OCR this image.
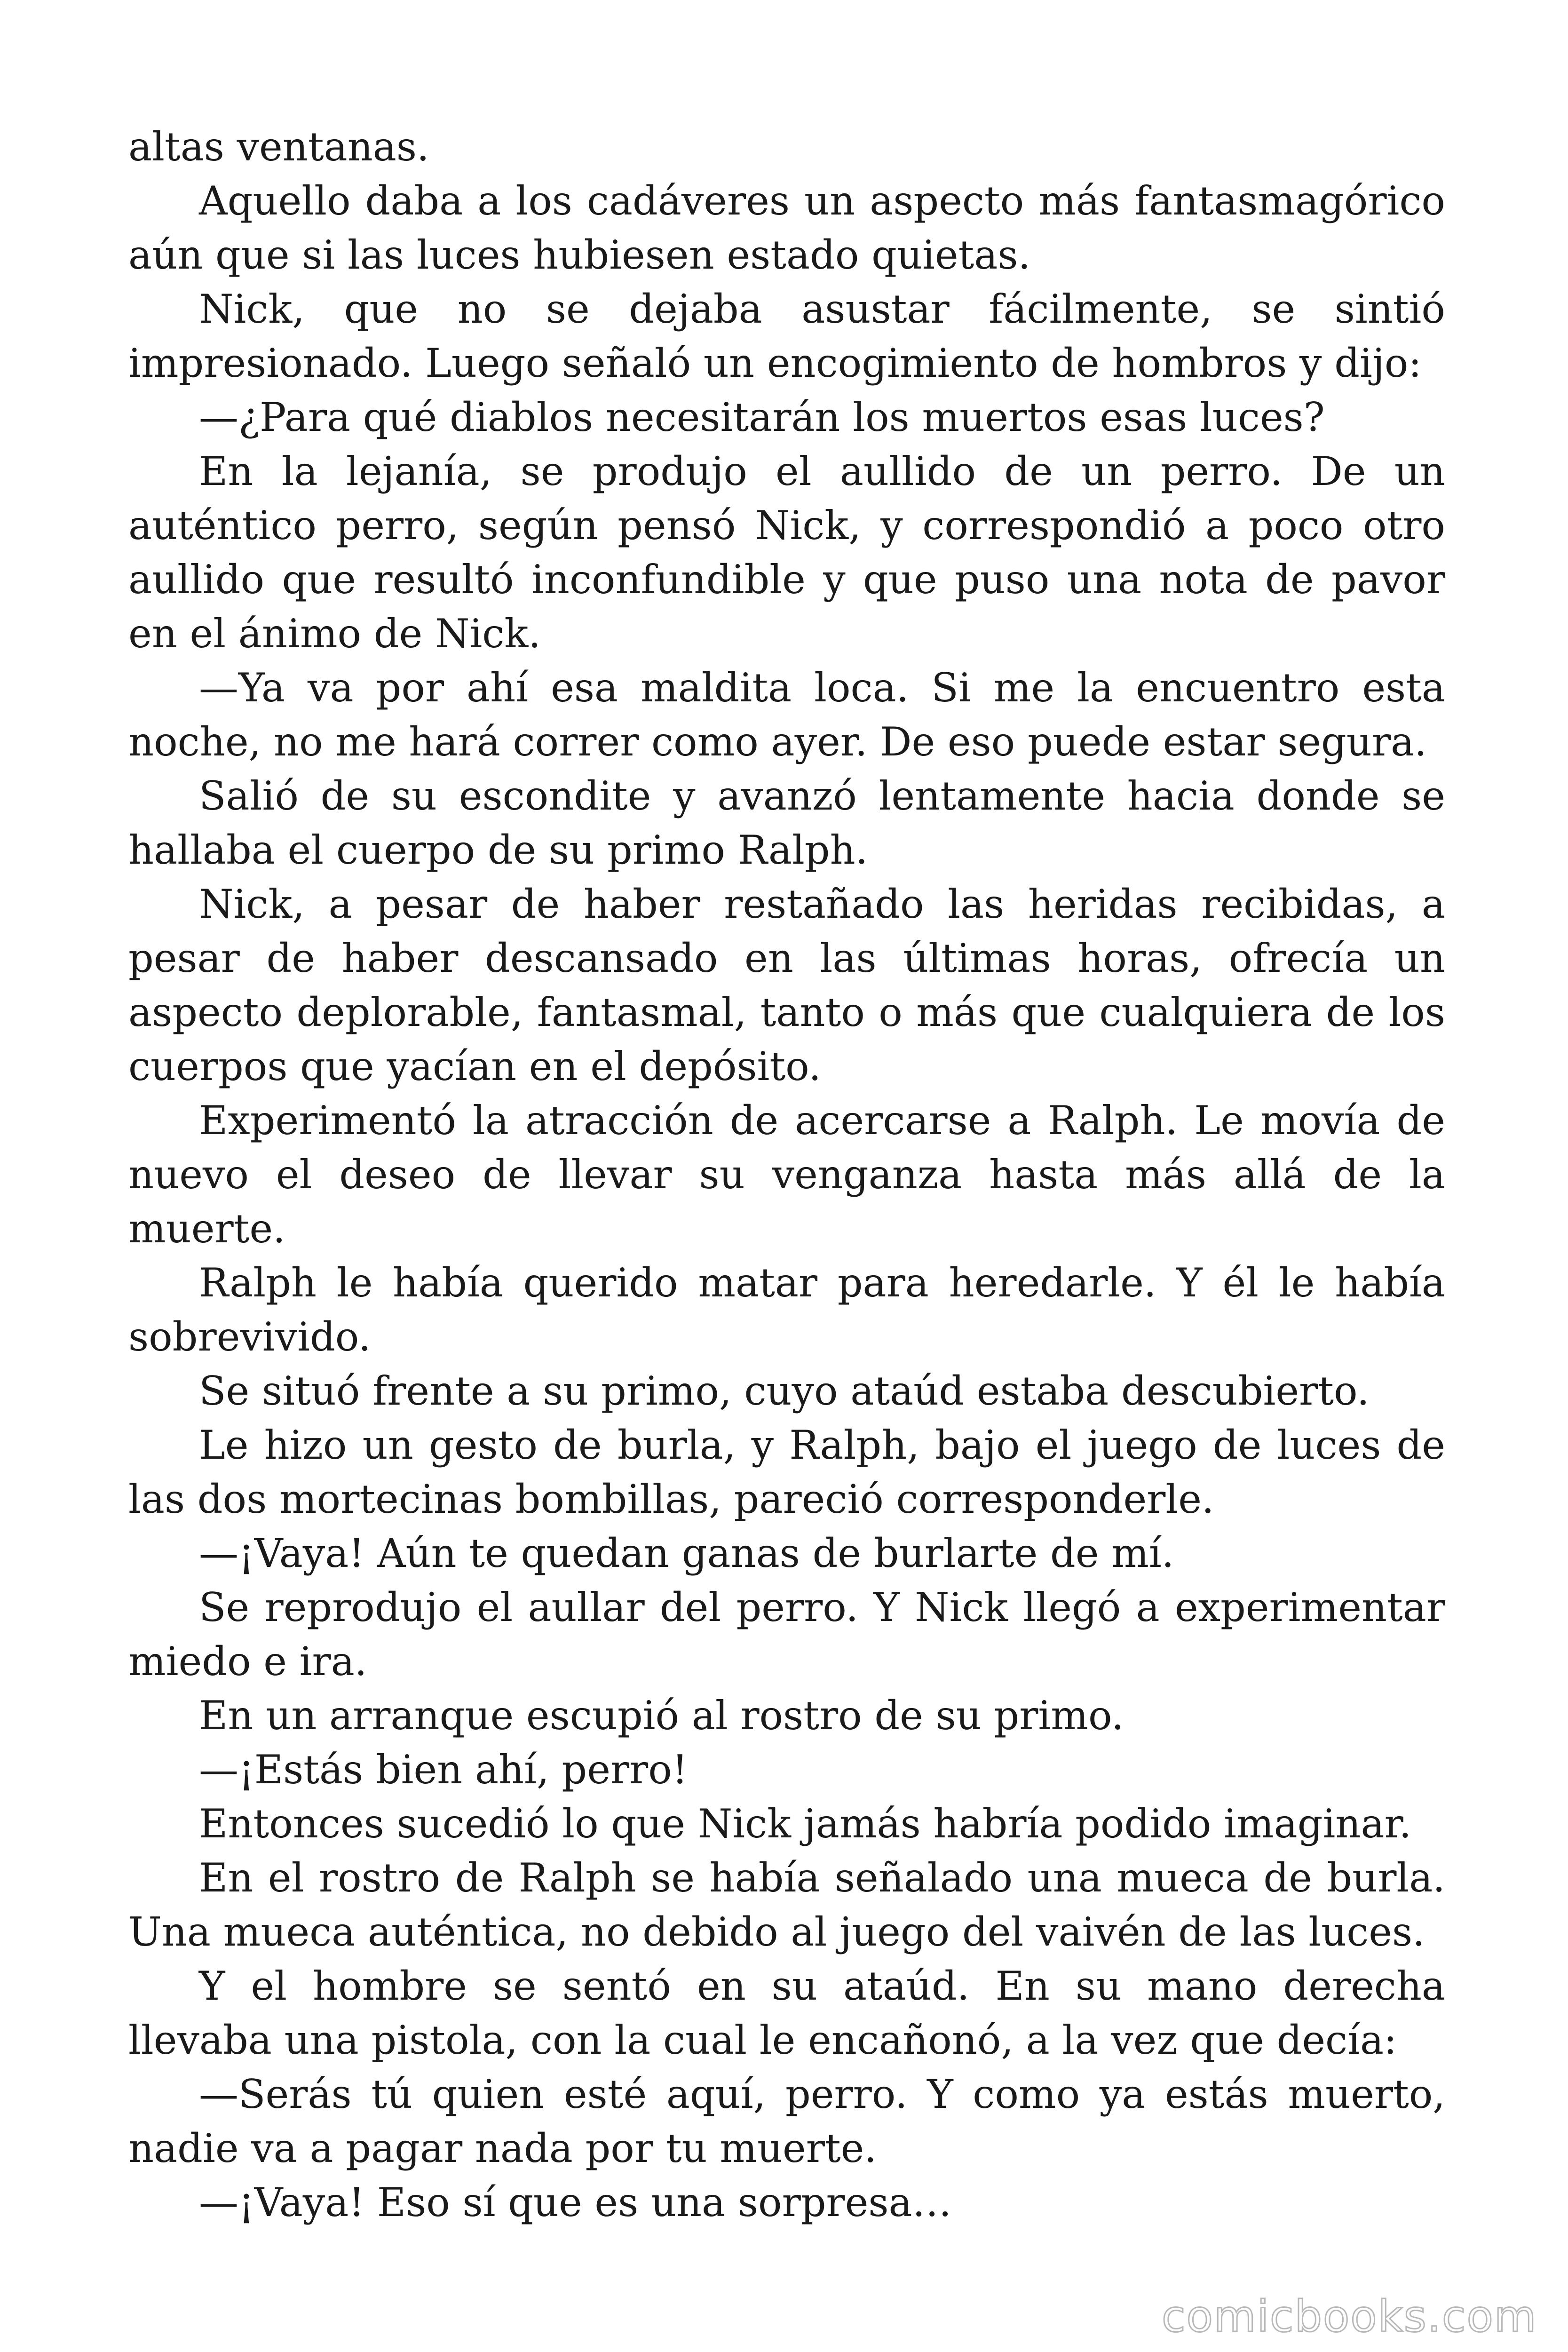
altas ventanas.

Aquello daba a los cadáveres un aspecto más fantasmagórico aún que si las luces hubiesen estado quietas.

Nick, que no se dejaba asustar fácilmente, se sintió impresionado. Luego señaló un encogimiento de hombros y dijo:

—¿Para qué diablos necesitarán los muertos esas luces?

En la lejanía, se produjo el aullido de un perro. De un auténtico perro, según pensó Nick, y correspondió a poco otro aullido que resultó inconfundible y que puso una nota de pavor en el ánimo de Nick.

—Ya va por ahí esa maldita loca. Si me la encuentro esta noche, no me hará correr como ayer. De eso puede estar segura.

Salió de su escondite y avanzó lentamente hacia donde se hallaba el cuerpo de su primo Ralph.

Nick, a pesar de haber restañado las heridas recibidas, a pesar de haber descansado en las últimas horas, ofrecía un aspecto deplorable, fantasmal, tanto o más que cualquiera de los cuerpos que yacían en el depósito.

Experimentó la atracción de acercarse a Ralph. Le movía de nuevo el deseo de llevar su venganza hasta más allá de la muerte.

Ralph le había querido matar para heredarle. Y él le había sobrevivido.

Se situó frente a su primo, cuyo ataúd estaba descubierto.

Le hizo un gesto de burla, y Ralph, bajo el juego de luces de las dos mortecinas bombillas, pareció corresponderle.

—¡Vaya! Aún te quedan ganas de burlarte de mí.

Se reprodujo el aullar del perro. Y Nick llegó a experimentar miedo e ira.

En un arranque escupió al rostro de su primo.

—¡Estás bien ahí, perro!

Entonces sucedió lo que Nick jamás habría podido imaginar.

En el rostro de Ralph se había señalado una mueca de burla. Una mueca auténtica, no debido al juego del vaivén de las luces.

Y el hombre se sentó en su ataúd. En su mano derecha llevaba una pistola, con la cual le encañonó, a la vez que decía:

—Serás tú quien esté aquí, perro. Y como ya estás muerto, nadie va a pagar nada por tu muerte.

—¡Vaya! Eso sí que es una sorpresa…

comicbooks.com
